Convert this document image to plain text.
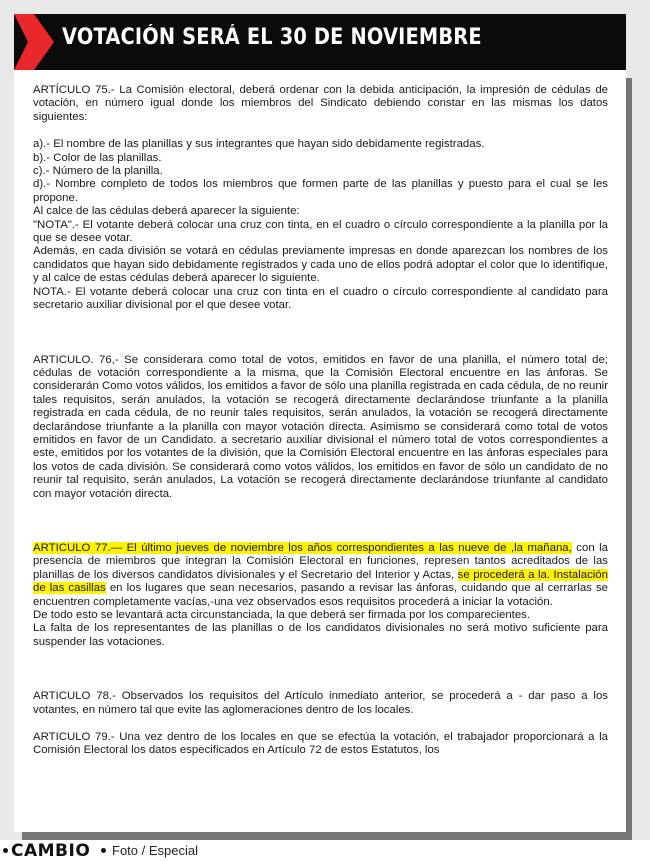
VOTACIÓN SERÁ EL 30 DE NOVIEMBRE

ARTÍCULO 75.- La Comisión electoral, deberá ordenar con la debida anticipación, la impresión de cédulas de votación, en número igual donde los miembros del Sindicato debiendo constar en las mismas los datos siguientes:

a).- El nombre de las planillas y sus integrantes que hayan sido debidamente registradas.

b).- Color de las planillas.

c).- Número de la planilla.

d).- Nombre completo de todos los miembros que formen parte de las planillas y puesto para el cual se les propone.

Al calce de las cédulas deberá aparecer la siguiente:

"NOTA".- El votante deberá colocar una cruz con tinta, en el cuadro o círculo correspondiente a la planilla por la que se desee votar.

Además, en cada división se votará en cédulas previamente impresas en donde aparezcan los nombres de los candidatos que hayan sido debidamente registrados y cada uno de ellos podrá adoptar el color que lo identifique, y al calce de estas cédulas deberá aparecer lo siguiente.

NOTA.- El votante deberá colocar una cruz con tinta en el cuadro o círculo correspondiente al candidato para secretario auxiliar divisional por el que desee votar.

ARTICULO. 76,- Se considerara como total de votos, emitidos en favor de una planilla, el número total de; cédulas de votación correspondiente a la misma, que la Comisión Electoral encuentre en las ánforas. Se considerarán Como votos válidos, los emitidos a favor de sólo una planilla registrada en cada cédula, de no reunir tales requisitos, serán anulados, la votación se recogerá directamente declarándose triunfante a la planilla registrada en cada cédula, de no reunir tales requisitos, serán anulados, la votación se recogerá directamente declarándose triunfante a la planilla con mayor votación directa. Asimismo se considerará como total de votos emitidos en favor de un Candidato. a secretario auxiliar divisional el número total de votos correspondientes a este, emitidos por los votantes de la división, que la Comisión Electoral encuentre en las ánforas especiales para los votos de cada división. Se considerará como votos válidos, los emitidos en favor de sólo un candidato de no reunir tal requisito, serán anulados, La votación se recogerá directamente declarándose triunfante al candidato con mayor votación directa.

ARTICULO 77.— El último jueves de noviembre los años correspondientes a las nueve de ,la mañana, con la presencia de miembros que integran la Comisión Electoral en funciones, represen tantos acreditados de las planillas de los diversos candidatos divisionales y el Secretario del Interior y Actas, se procederá a la. Instalación de las casillas en los lugares que sean necesarios, pasando a revisar las ánforas, cuidando que al cerrarlas se encuentren completamente vacías,-una vez observados esos requisitos procederá a iniciar la votación.

De todo esto se levantará acta circunstanciada, la que deberá ser firmada por los comparecientes.

La falta de los representantes de las planillas o de los candidatos divisionales no será motivo suficiente para suspender las votaciones.

ARTICULO 78.- Observados los requisitos del Artículo inmediato anterior, se procederá a - dar paso a los votantes, en número tal que evite las aglomeraciones dentro de los locales.

ARTICULO 79.- Una vez dentro de los locales en que se efectúa la votación, el trabajador proporcionará a la Comisión Electoral los datos especificados en Artículo 72 de estos Estatutos, los

CAMBIO Foto / Especial
